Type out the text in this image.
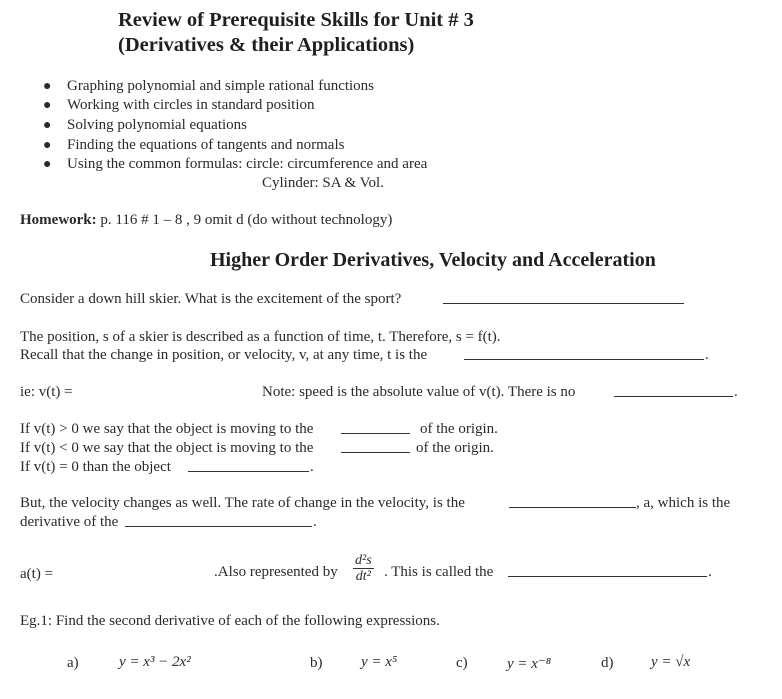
Review of Prerequisite Skills for Unit # 3
(Derivatives & their Applications)
● Graphing polynomial and simple rational functions
● Working with circles in standard position
● Solving polynomial equations
● Finding the equations of tangents and normals
● Using the common formulas: circle: circumference and area
Cylinder: SA & Vol.
Homework: p. 116 # 1 – 8 , 9 omit d (do without technology)
Higher Order Derivatives, Velocity and Acceleration
Consider a down hill skier. What is the excitement of the sport?
The position, s of a skier is described as a function of time, t. Therefore, s = f(t).
Recall that the change in position, or velocity, v, at any time, t is the	.
ie: v(t) =	Note: speed is the absolute value of v(t). There is no	.
If v(t) > 0 we say that the object is moving to the	of the origin.
If v(t) < 0 we say that the object is moving to the	of the origin.
If v(t) = 0 than the object	.
But, the velocity changes as well. The rate of change in the velocity, is the	, a, which is the
derivative of the	.
a(t) =	.Also represented by $\frac{\text{d²s}}{\text{dt²}}$ . This is called the	.
Eg.1: Find the second derivative of each of the following expressions.
a)	y = x³ − 2x²	b)	y = x⁵	c)	y = x⁻⁸	d)	y = √x
